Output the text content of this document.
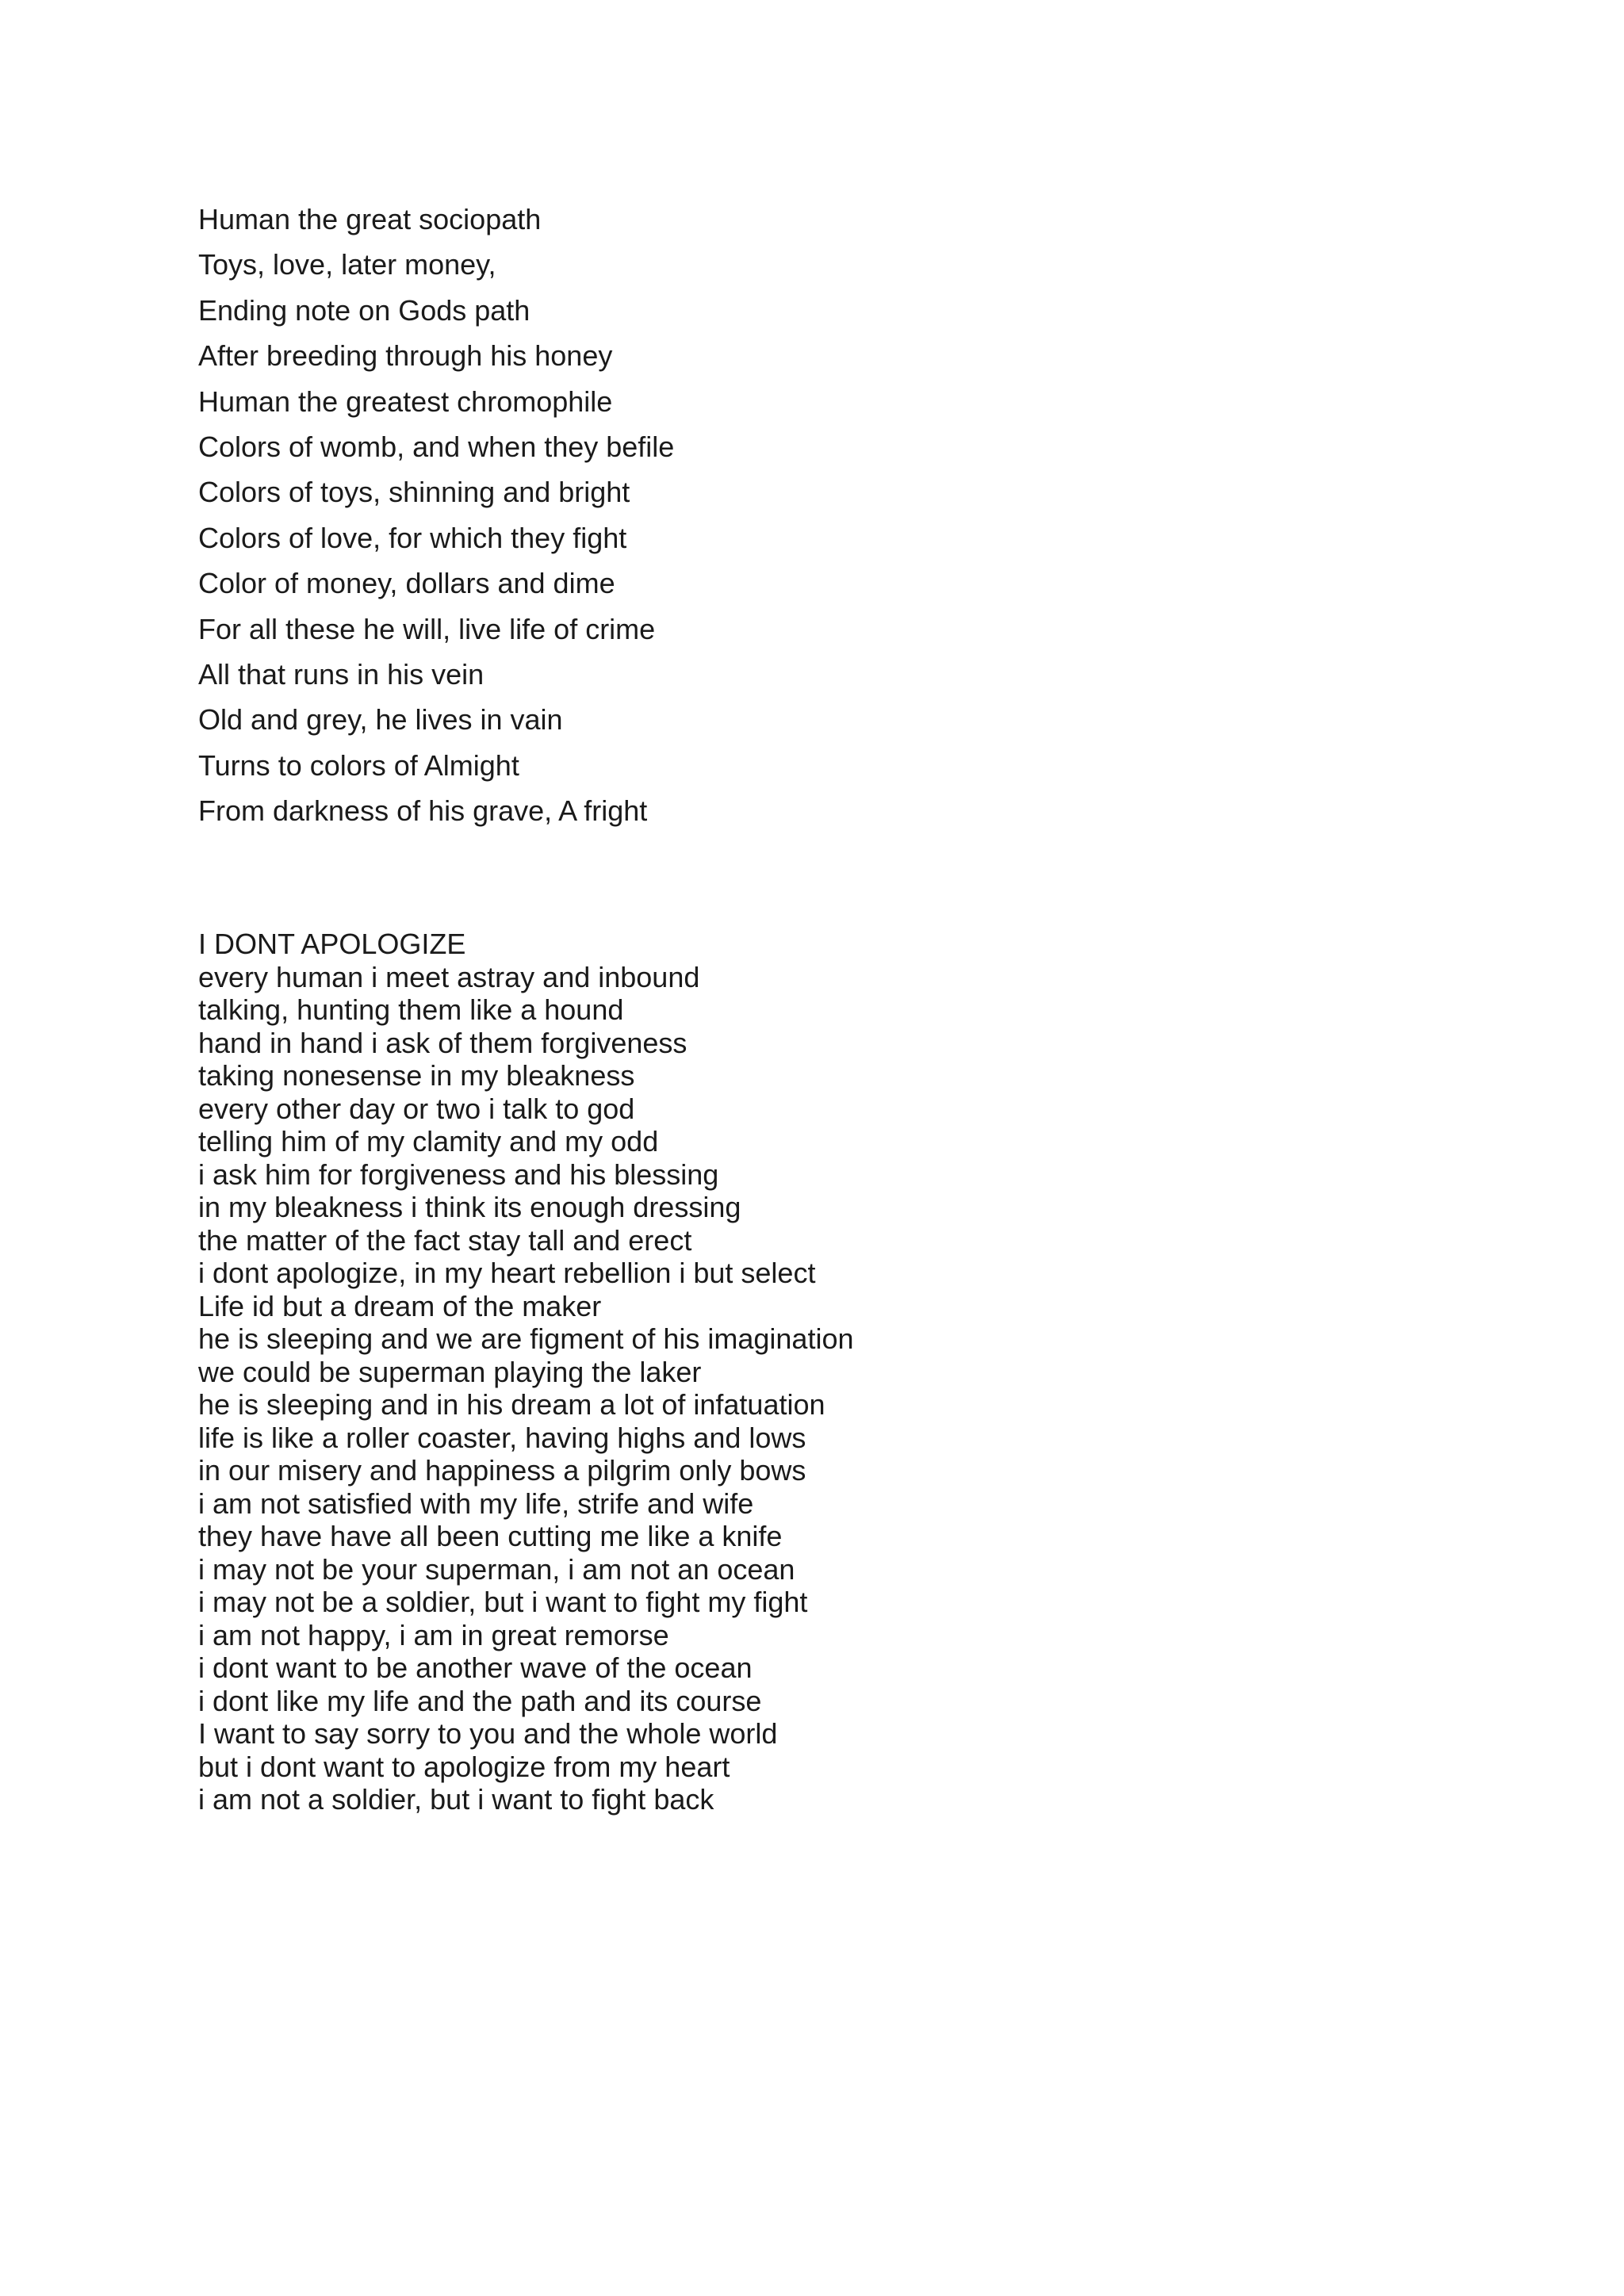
Human the great sociopath
Toys, love, later money,
Ending note on Gods path
After breeding through his honey
Human the greatest chromophile
Colors of womb, and when they befile
Colors of toys, shinning and bright
Colors of love, for which they fight
Color of money, dollars and dime
For all these he will, live life of crime
All that runs in his vein
Old and grey, he lives in vain
Turns to colors of Almight
From darkness of his grave, A fright
I DONT APOLOGIZE
every human i meet astray and inbound
talking, hunting them like a hound
hand in hand i ask of them forgiveness
taking nonesense in my bleakness
every other day or two i talk to god
telling him of my clamity and my odd
i ask him for forgiveness and his blessing
in my bleakness i think its enough dressing
the matter of the fact stay tall and erect
i dont apologize, in my heart rebellion i but select
Life id but a dream of the maker
he is sleeping and we are figment of his imagination
we could be superman playing the laker
he is sleeping and in his dream a lot of infatuation
life is like a roller coaster, having highs and lows
in our misery and happiness a pilgrim only bows
i am not satisfied with my life, strife and wife
they have have all been cutting me like a knife
i may not be your superman, i am not an ocean
i may not be a soldier, but i want to fight my fight
i am not happy, i am in great remorse
i dont want to be another wave of the ocean
i dont like my life and the path and its course
I want to say sorry to you and the whole world
but i dont want to apologize from my heart
i am not a soldier, but i want to fight back
